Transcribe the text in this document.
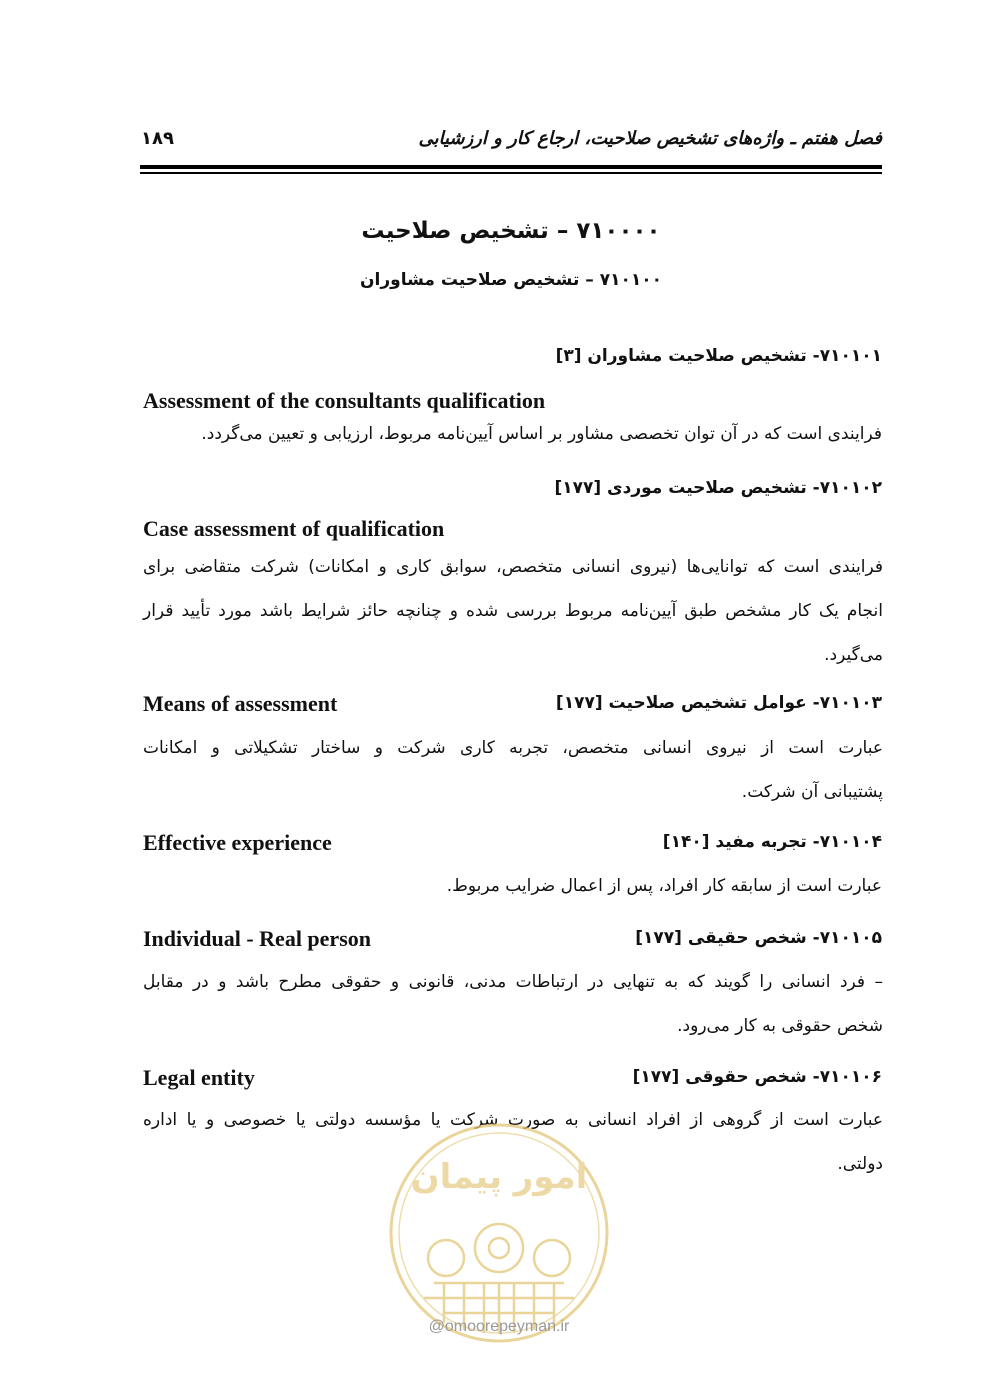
فصل هفتم ـ واژه‌های تشخیص صلاحیت، ارجاع کار و ارزشیابی
۱۸۹
۷۱۰۰۰۰ – تشخیص صلاحیت
۷۱۰۱۰۰ – تشخیص صلاحیت مشاوران
۷۱۰۱۰۱- تشخیص صلاحیت مشاوران [۳]
Assessment of the consultants qualification
فرایندی است که در آن توان تخصصی مشاور بر اساس آیین‌نامه مربوط، ارزیابی و تعیین می‌گردد.
۷۱۰۱۰۲- تشخیص صلاحیت موردی [۱۷۷]
Case assessment of qualification
فرایندی است که توانایی‌ها (نیروی انسانی متخصص، سوابق کاری و امکانات) شرکت متقاضی برای
انجام یک کار مشخص طبق آیین‌نامه مربوط بررسی شده و چنانچه حائز شرایط باشد مورد تأیید قرار
می‌گیرد.
۷۱۰۱۰۳- عوامل تشخیص صلاحیت [۱۷۷]
Means of assessment
عبارت است از نیروی انسانی متخصص، تجربه کاری شرکت و ساختار تشکیلاتی و امکانات
پشتیبانی آن شرکت.
۷۱۰۱۰۴- تجربه مفید [۱۴۰]
Effective experience
عبارت است از سابقه کار افراد، پس از اعمال ضرایب مربوط.
۷۱۰۱۰۵- شخص حقیقی [۱۷۷]
Individual - Real person
– فرد انسانی را گویند که به تنهایی در ارتباطات مدنی، قانونی و حقوقی مطرح باشد و در مقابل
شخص حقوقی به کار می‌رود.
۷۱۰۱۰۶- شخص حقوقی [۱۷۷]
Legal entity
عبارت است از گروهی از افراد انسانی به صورت شرکت یا مؤسسه دولتی یا خصوصی و یا اداره
دولتی.
امور پیمان
@omoorepeyman.ir
